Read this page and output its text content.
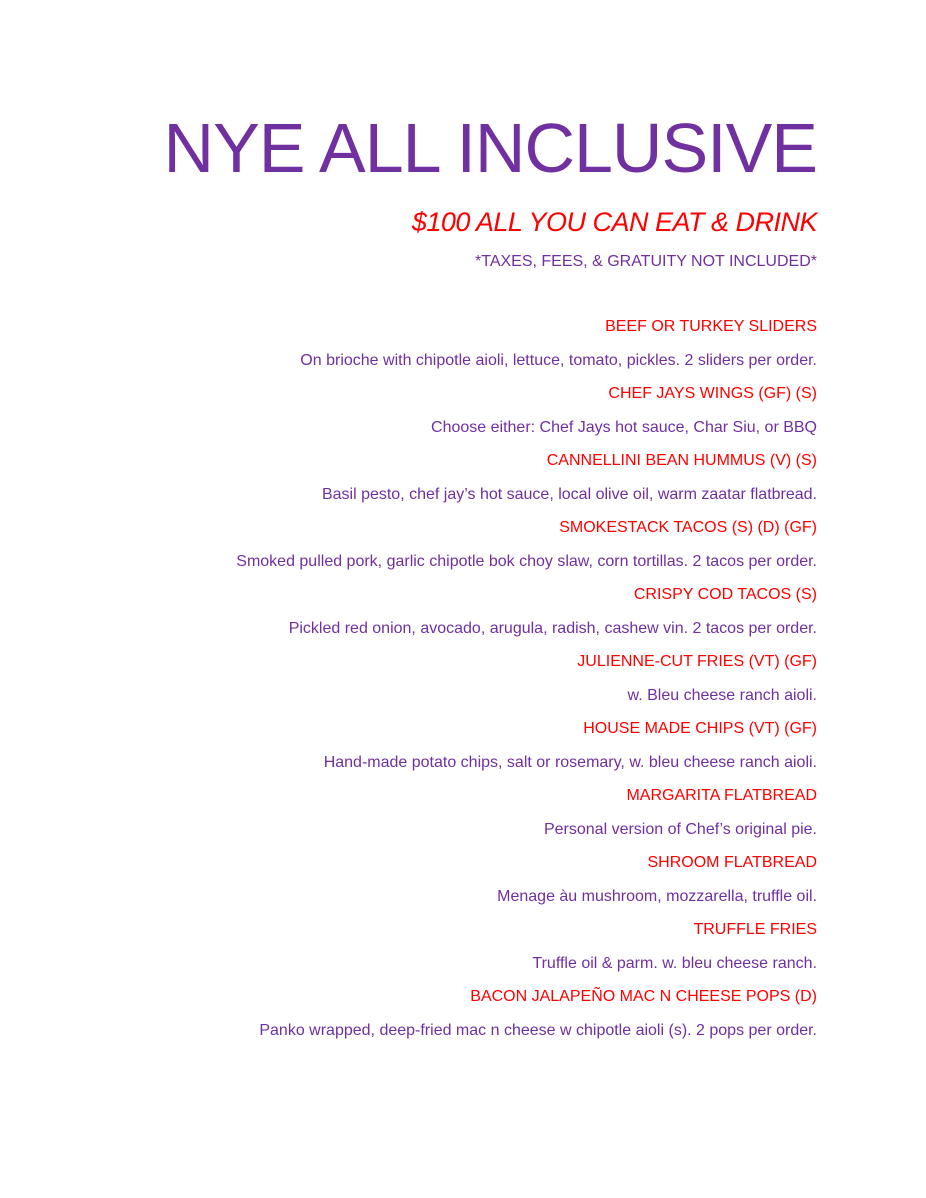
NYE ALL INCLUSIVE
$100 ALL YOU CAN EAT & DRINK
*TAXES, FEES, & GRATUITY NOT INCLUDED*
BEEF OR TURKEY SLIDERS
On brioche with chipotle aioli, lettuce, tomato, pickles. 2 sliders per order.
CHEF JAYS WINGS (GF) (S)
Choose either: Chef Jays hot sauce, Char Siu, or BBQ
CANNELLINI BEAN HUMMUS (V) (S)
Basil pesto, chef jay’s hot sauce, local olive oil, warm zaatar flatbread.
SMOKESTACK TACOS (S) (D) (GF)
Smoked pulled pork, garlic chipotle bok choy slaw, corn tortillas. 2 tacos per order.
CRISPY COD TACOS (S)
Pickled red onion, avocado, arugula, radish, cashew vin. 2 tacos per order.
JULIENNE-CUT FRIES (VT) (GF)
w. Bleu cheese ranch aioli.
HOUSE MADE CHIPS (VT) (GF)
Hand-made potato chips, salt or rosemary, w. bleu cheese ranch aioli.
MARGARITA FLATBREAD
Personal version of Chef’s original pie.
SHROOM FLATBREAD
Menage àu mushroom, mozzarella, truffle oil.
TRUFFLE FRIES
Truffle oil & parm. w. bleu cheese ranch.
BACON JALAPEÑO MAC N CHEESE POPS (D)
Panko wrapped, deep-fried mac n cheese w chipotle aioli (s). 2 pops per order.
